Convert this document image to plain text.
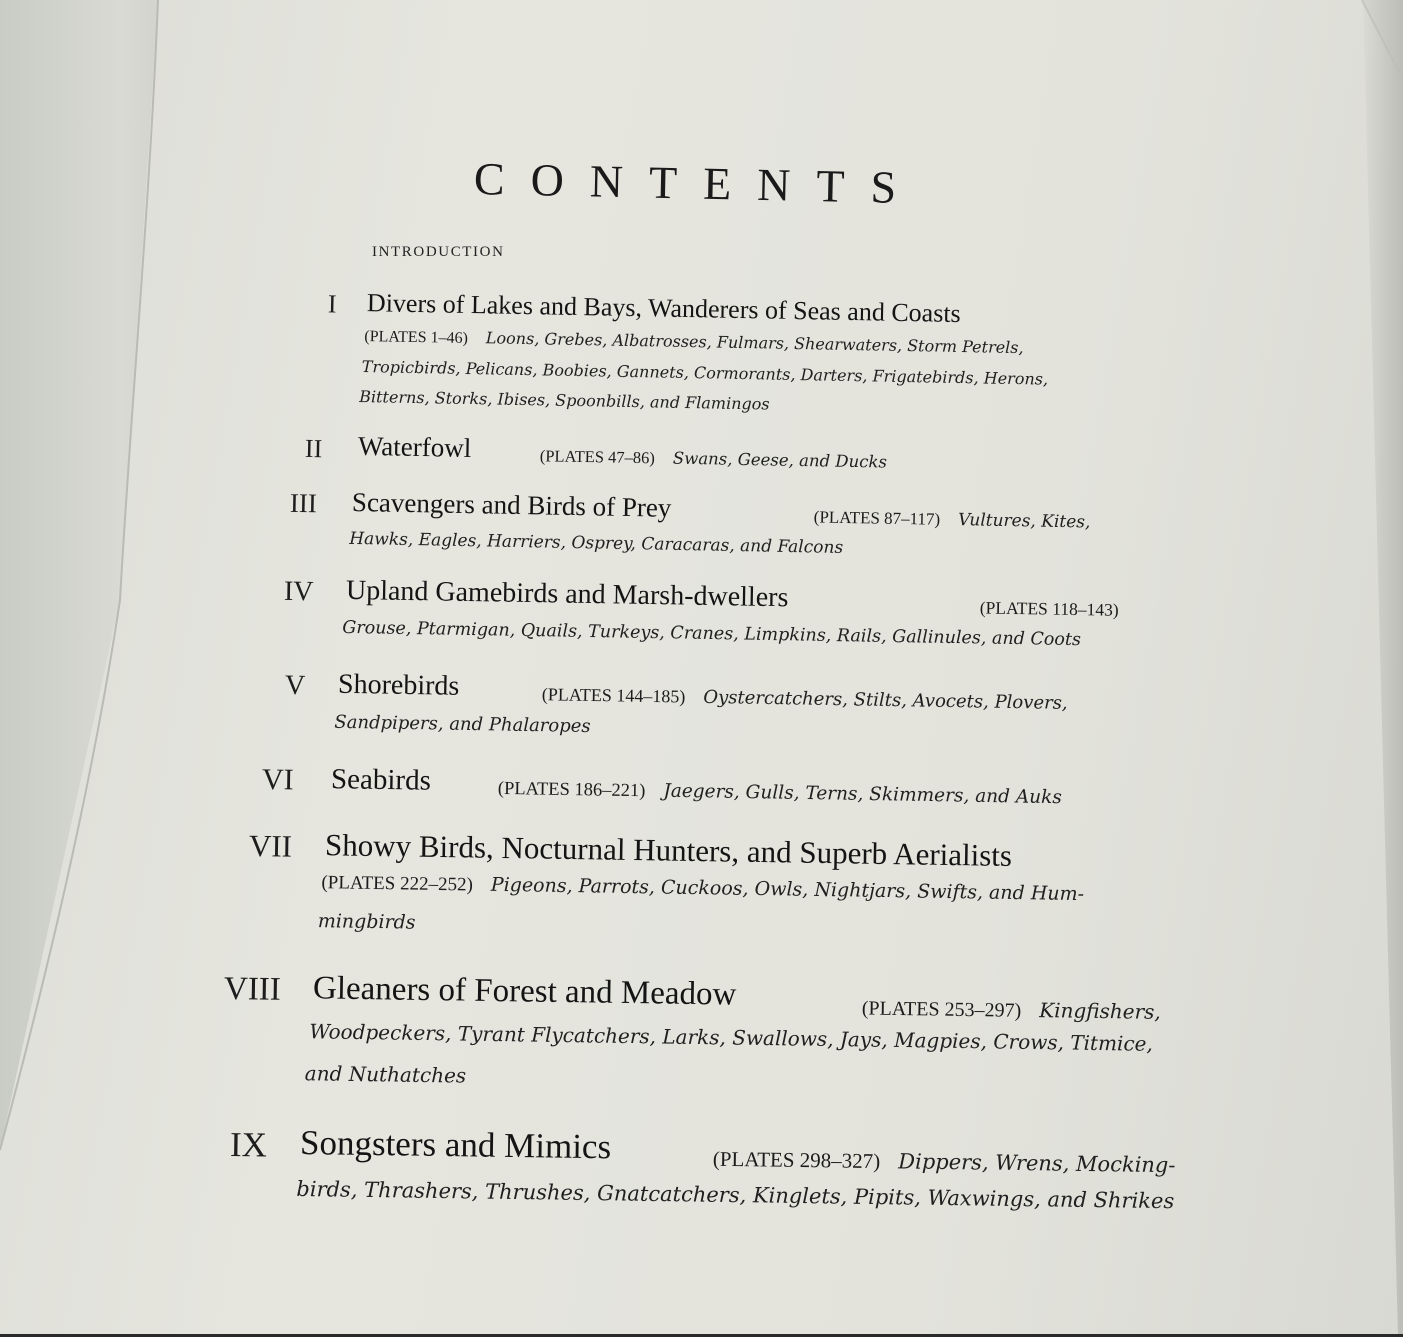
CONTENTS
INTRODUCTION
I Divers of Lakes and Bays, Wanderers of Seas and Coasts
(PLATES 1–46) Loons, Grebes, Albatrosses, Fulmars, Shearwaters, Storm Petrels,
Tropicbirds, Pelicans, Boobies, Gannets, Cormorants, Darters, Frigatebirds, Herons,
Bitterns, Storks, Ibises, Spoonbills, and Flamingos
II Waterfowl	(PLATES 47–86) Swans, Geese, and Ducks
III Scavengers and Birds of Prey	(PLATES 87–117) Vultures, Kites,
Hawks, Eagles, Harriers, Osprey, Caracaras, and Falcons
IV Upland Gamebirds and Marsh-dwellers	(PLATES 118–143)
Grouse, Ptarmigan, Quails, Turkeys, Cranes, Limpkins, Rails, Gallinules, and Coots
V Shorebirds	(PLATES 144–185) Oystercatchers, Stilts, Avocets, Plovers,
Sandpipers, and Phalaropes
VI Seabirds	(PLATES 186–221) Jaegers, Gulls, Terns, Skimmers, and Auks
VII Showy Birds, Nocturnal Hunters, and Superb Aerialists
(PLATES 222–252) Pigeons, Parrots, Cuckoos, Owls, Nightjars, Swifts, and Hum-
mingbirds
VIII Gleaners of Forest and Meadow	(PLATES 253–297) Kingfishers,
Woodpeckers, Tyrant Flycatchers, Larks, Swallows, Jays, Magpies, Crows, Titmice,
and Nuthatches
IX Songsters and Mimics	(PLATES 298–327) Dippers, Wrens, Mocking-
birds, Thrashers, Thrushes, Gnatcatchers, Kinglets, Pipits, Waxwings, and Shrikes
